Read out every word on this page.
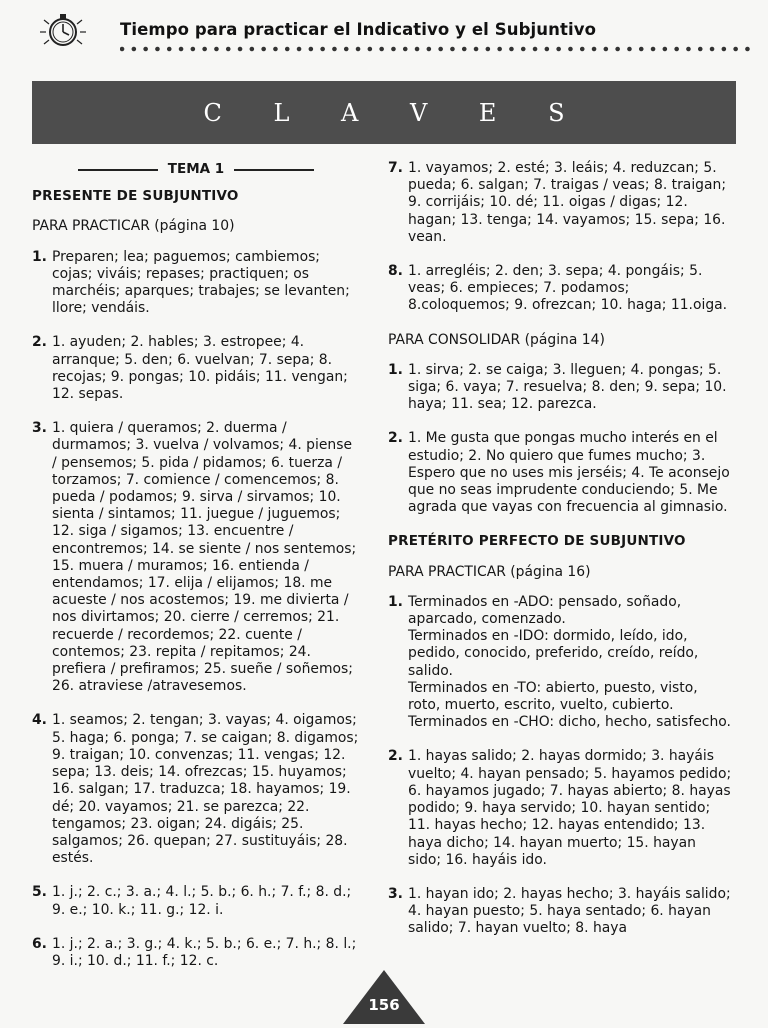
Tiempo para practicar el Indicativo y el Subjuntivo
C L A V E S
TEMA 1
PRESENTE DE SUBJUNTIVO
PARA PRACTICAR (página 10)
1. Preparen; lea; paguemos; cambiemos; cojas; viváis; repases; practiquen; os marchéis; aparques; trabajes; se levanten; llore; vendáis.
2. 1. ayuden; 2. hables; 3. estropee; 4. arranque; 5. den; 6. vuelvan; 7. sepa; 8. recojas; 9. pongas; 10. pidáis; 11. vengan; 12. sepas.
3. 1. quiera / queramos; 2. duerma / durmamos; 3. vuelva / volvamos; 4. piense / pensemos; 5. pida / pidamos; 6. tuerza / torzamos; 7. comience / comencemos; 8. pueda / podamos; 9. sirva / sirvamos; 10. sienta / sintamos; 11. juegue / juguemos; 12. siga / sigamos; 13. encuentre / encontremos; 14. se siente / nos sentemos; 15. muera / muramos; 16. entienda / entendamos; 17. elija / elijamos; 18. me acueste / nos acostemos; 19. me divierta / nos divirtamos; 20. cierre / cerremos; 21. recuerde / recordemos; 22. cuente / contemos; 23. repita / repitamos; 24. prefiera / prefiramos; 25. sueñe / soñemos; 26. atraviese /atravesemos.
4. 1. seamos; 2. tengan; 3. vayas; 4. oigamos; 5. haga; 6. ponga; 7. se caigan; 8. digamos; 9. traigan; 10. convenzas; 11. vengas; 12. sepa; 13. deis; 14. ofrezcas; 15. huyamos; 16. salgan; 17. traduzca; 18. hayamos; 19. dé; 20. vayamos; 21. se parezca; 22. tengamos; 23. oigan; 24. digáis; 25. salgamos; 26. quepan; 27. sustituyáis; 28. estés.
5. 1. j.; 2. c.; 3. a.; 4. l.; 5. b.; 6. h.; 7. f.; 8. d.; 9. e.; 10. k.; 11. g.; 12. i.
6. 1. j.; 2. a.; 3. g.; 4. k.; 5. b.; 6. e.; 7. h.; 8. l.; 9. i.; 10. d.; 11. f.; 12. c.
7. 1. vayamos; 2. esté; 3. leáis; 4. reduzcan; 5. pueda; 6. salgan; 7. traigas / veas; 8. traigan; 9. corrijáis; 10. dé; 11. oigas / digas; 12. hagan; 13. tenga; 14. vayamos; 15. sepa; 16. vean.
8. 1. arregléis; 2. den; 3. sepa; 4. pongáis; 5. veas; 6. empieces; 7. podamos; 8.coloquemos; 9. ofrezcan; 10. haga; 11.oiga.
PARA CONSOLIDAR (página 14)
1. 1. sirva; 2. se caiga; 3. lleguen; 4. pongas; 5. siga; 6. vaya; 7. resuelva; 8. den; 9. sepa; 10. haya; 11. sea; 12. parezca.
2. 1. Me gusta que pongas mucho interés en el estudio; 2. No quiero que fumes mucho; 3. Espero que no uses mis jerséis; 4. Te aconsejo que no seas imprudente conduciendo; 5. Me agrada que vayas con frecuencia al gimnasio.
PRETÉRITO PERFECTO DE SUBJUNTIVO
PARA PRACTICAR (página 16)
1. Terminados en -ADO: pensado, soñado, aparcado, comenzado.
Terminados en -IDO: dormido, leído, ido, pedido, conocido, preferido, creído, reído, salido.
Terminados en -TO: abierto, puesto, visto, roto, muerto, escrito, vuelto, cubierto.
Terminados en -CHO: dicho, hecho, satisfecho.
2. 1. hayas salido; 2. hayas dormido; 3. hayáis vuelto; 4. hayan pensado; 5. hayamos pedido; 6. hayamos jugado; 7. hayas abierto; 8. hayas podido; 9. haya servido; 10. hayan sentido; 11. hayas hecho; 12. hayas entendido; 13. haya dicho; 14. hayan muerto; 15. hayan sido; 16. hayáis ido.
3. 1. hayan ido; 2. hayas hecho; 3. hayáis salido; 4. hayan puesto; 5. haya sentado; 6. hayan salido; 7. hayan vuelto; 8. haya
156
